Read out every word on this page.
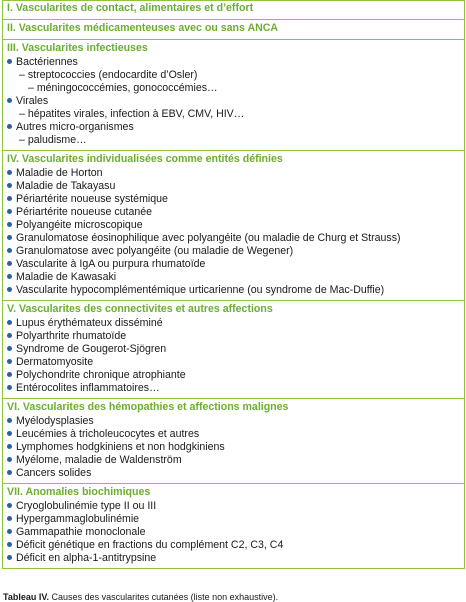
I. Vascularites de contact, alimentaires et d’effort
II. Vascularites médicamenteuses avec ou sans ANCA
III. Vascularites infectieuses
Bactériennes
– streptococcies (endocardite d’Osler)
– méningococcémies, gonococcémies…
Virales
– hépatites virales, infection à EBV, CMV, HIV…
Autres micro-organismes
– paludisme…
IV. Vascularites individualisées comme entités définies
Maladie de Horton
Maladie de Takayasu
Périartérite noueuse systémique
Périartérite noueuse cutanée
Polyangéite microscopique
Granulomatose éosinophilique avec polyangéite (ou maladie de Churg et Strauss)
Granulomatose avec polyangéite (ou maladie de Wegener)
Vascularite à IgA ou purpura rhumatoïde
Maladie de Kawasaki
Vascularite hypocomplémentémique urticarienne (ou syndrome de Mac-Duffie)
V. Vascularites des connectivites et autres affections
Lupus érythémateux disséminé
Polyarthrite rhumatoïde
Syndrome de Gougerot-Sjögren
Dermatomyosite
Polychondrite chronique atrophiante
Entérocolites inflammatoires…
VI. Vascularites des hémopathies et affections malignes
Myélodysplasies
Leucémies à tricholeucocytes et autres
Lymphomes hodgkiniens et non hodgkiniens
Myélome, maladie de Waldenström
Cancers solides
VII. Anomalies biochimiques
Cryoglobulinémie type II ou III
Hypergammaglobulinémie
Gammapathie monoclonale
Déficit génétique en fractions du complément C2, C3, C4
Déficit en alpha-1-antitrypsine
Tableau IV. Causes des vascularites cutanées (liste non exhaustive).
